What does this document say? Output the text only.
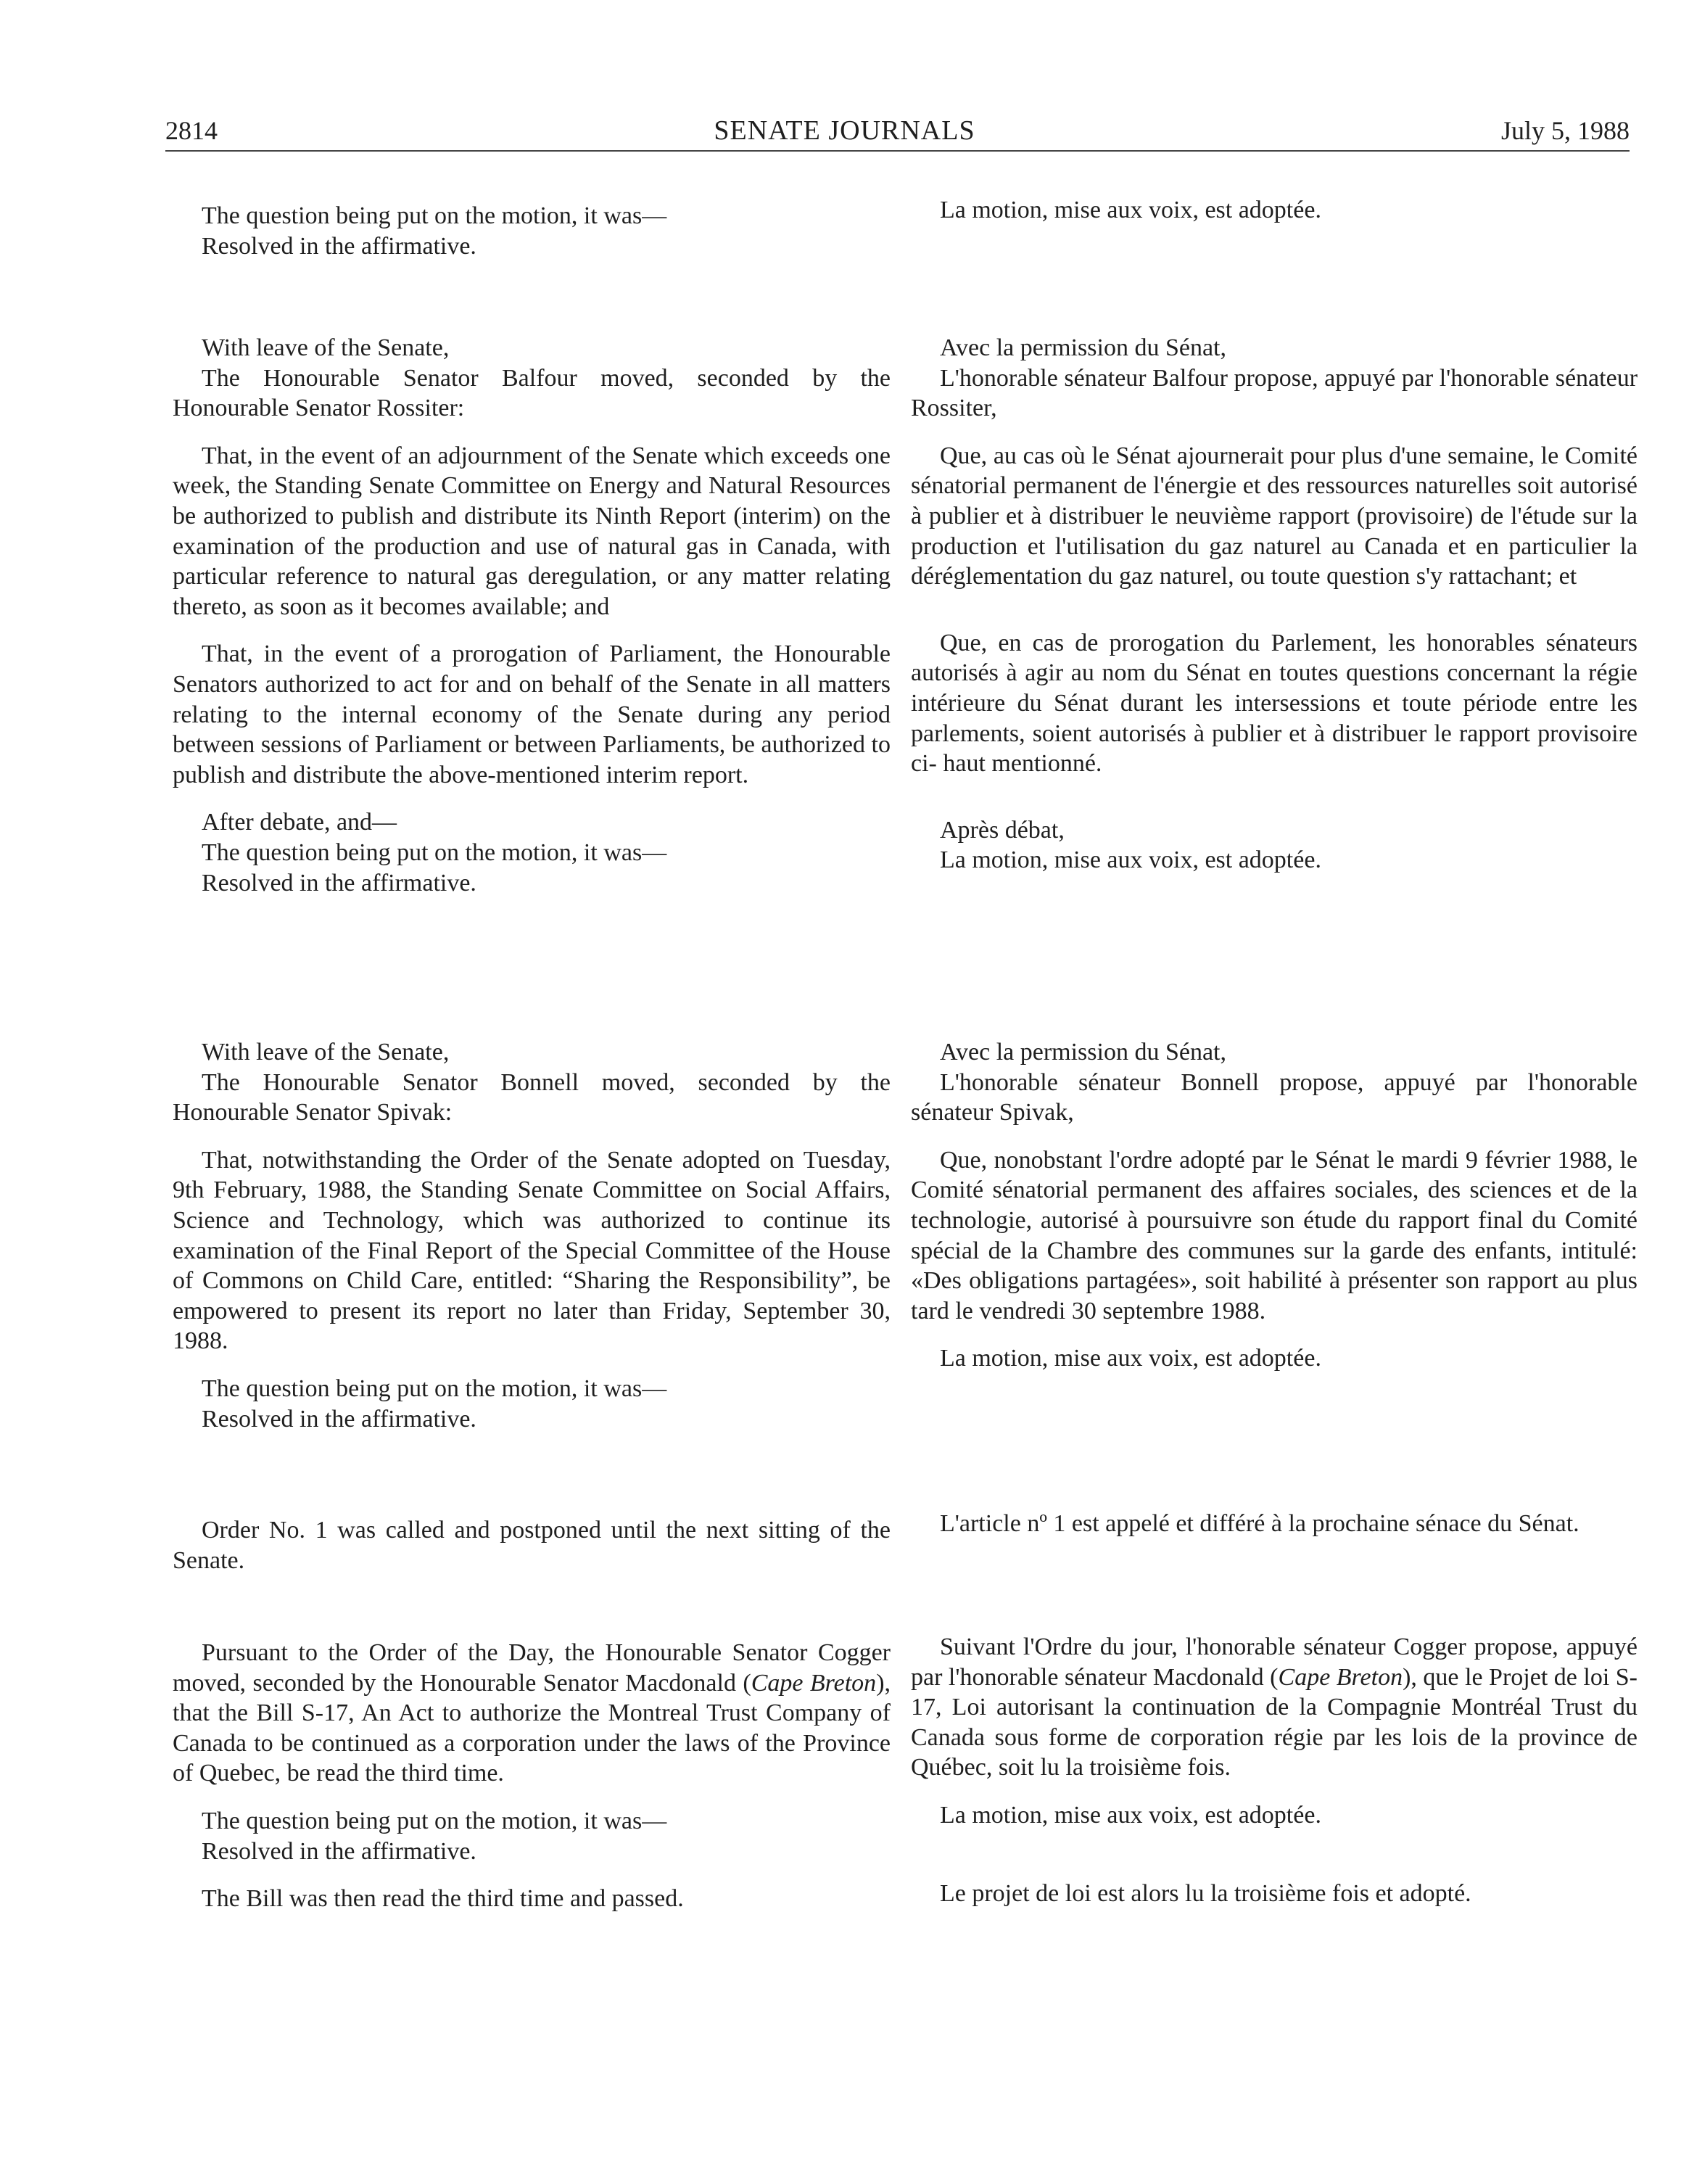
2814	SENATE JOURNALS	July 5, 1988

The question being put on the motion, it was—

Resolved in the affirmative.

La motion, mise aux voix, est adoptée.

With leave of the Senate,

The Honourable Senator Balfour moved, seconded by the Honourable Senator Rossiter:

That, in the event of an adjournment of the Senate which exceeds one week, the Standing Senate Committee on Energy and Natural Resources be authorized to publish and distribute its Ninth Report (interim) on the examination of the production and use of natural gas in Canada, with particular reference to natural gas deregulation, or any matter relating thereto, as soon as it becomes available; and

That, in the event of a prorogation of Parliament, the Honourable Senators authorized to act for and on behalf of the Senate in all matters relating to the internal economy of the Senate during any period between sessions of Parliament or between Parliaments, be authorized to publish and distribute the above-mentioned interim report.

After debate, and—

The question being put on the motion, it was—

Resolved in the affirmative.

Avec la permission du Sénat,

L'honorable sénateur Balfour propose, appuyé par l'honorable sénateur Rossiter,

Que, au cas où le Sénat ajournerait pour plus d'une semaine, le Comité sénatorial permanent de l'énergie et des ressources naturelles soit autorisé à publier et à distribuer le neuvième rapport (provisoire) de l'étude sur la production et l'utilisation du gaz naturel au Canada et en particulier la déréglementation du gaz naturel, ou toute question s'y rattachant; et

Que, en cas de prorogation du Parlement, les honorables sénateurs autorisés à agir au nom du Sénat en toutes questions concernant la régie intérieure du Sénat durant les intersessions et toute période entre les parlements, soient autorisés à publier et à distribuer le rapport provisoire ci- haut mentionné.

Après débat,

La motion, mise aux voix, est adoptée.

With leave of the Senate,

The Honourable Senator Bonnell moved, seconded by the Honourable Senator Spivak:

That, notwithstanding the Order of the Senate adopted on Tuesday, 9th February, 1988, the Standing Senate Committee on Social Affairs, Science and Technology, which was authorized to continue its examination of the Final Report of the Special Committee of the House of Commons on Child Care, entitled: “Sharing the Responsibility”, be empowered to present its report no later than Friday, September 30, 1988.

The question being put on the motion, it was—

Resolved in the affirmative.

Avec la permission du Sénat,

L'honorable sénateur Bonnell propose, appuyé par l'honorable sénateur Spivak,

Que, nonobstant l'ordre adopté par le Sénat le mardi 9 février 1988, le Comité sénatorial permanent des affaires sociales, des sciences et de la technologie, autorisé à poursuivre son étude du rapport final du Comité spécial de la Chambre des communes sur la garde des enfants, intitulé: «Des obligations partagées», soit habilité à présenter son rapport au plus tard le vendredi 30 septembre 1988.

La motion, mise aux voix, est adoptée.

Order No. 1 was called and postponed until the next sitting of the Senate.

L'article nº 1 est appelé et différé à la prochaine sénace du Sénat.

Pursuant to the Order of the Day, the Honourable Senator Cogger moved, seconded by the Honourable Senator Macdonald (Cape Breton), that the Bill S-17, An Act to authorize the Montreal Trust Company of Canada to be continued as a corporation under the laws of the Province of Quebec, be read the third time.

The question being put on the motion, it was—

Resolved in the affirmative.

The Bill was then read the third time and passed.

Suivant l'Ordre du jour, l'honorable sénateur Cogger propose, appuyé par l'honorable sénateur Macdonald (Cape Breton), que le Projet de loi S-17, Loi autorisant la continuation de la Compagnie Montréal Trust du Canada sous forme de corporation régie par les lois de la province de Québec, soit lu la troisième fois.

La motion, mise aux voix, est adoptée.

Le projet de loi est alors lu la troisième fois et adopté.
